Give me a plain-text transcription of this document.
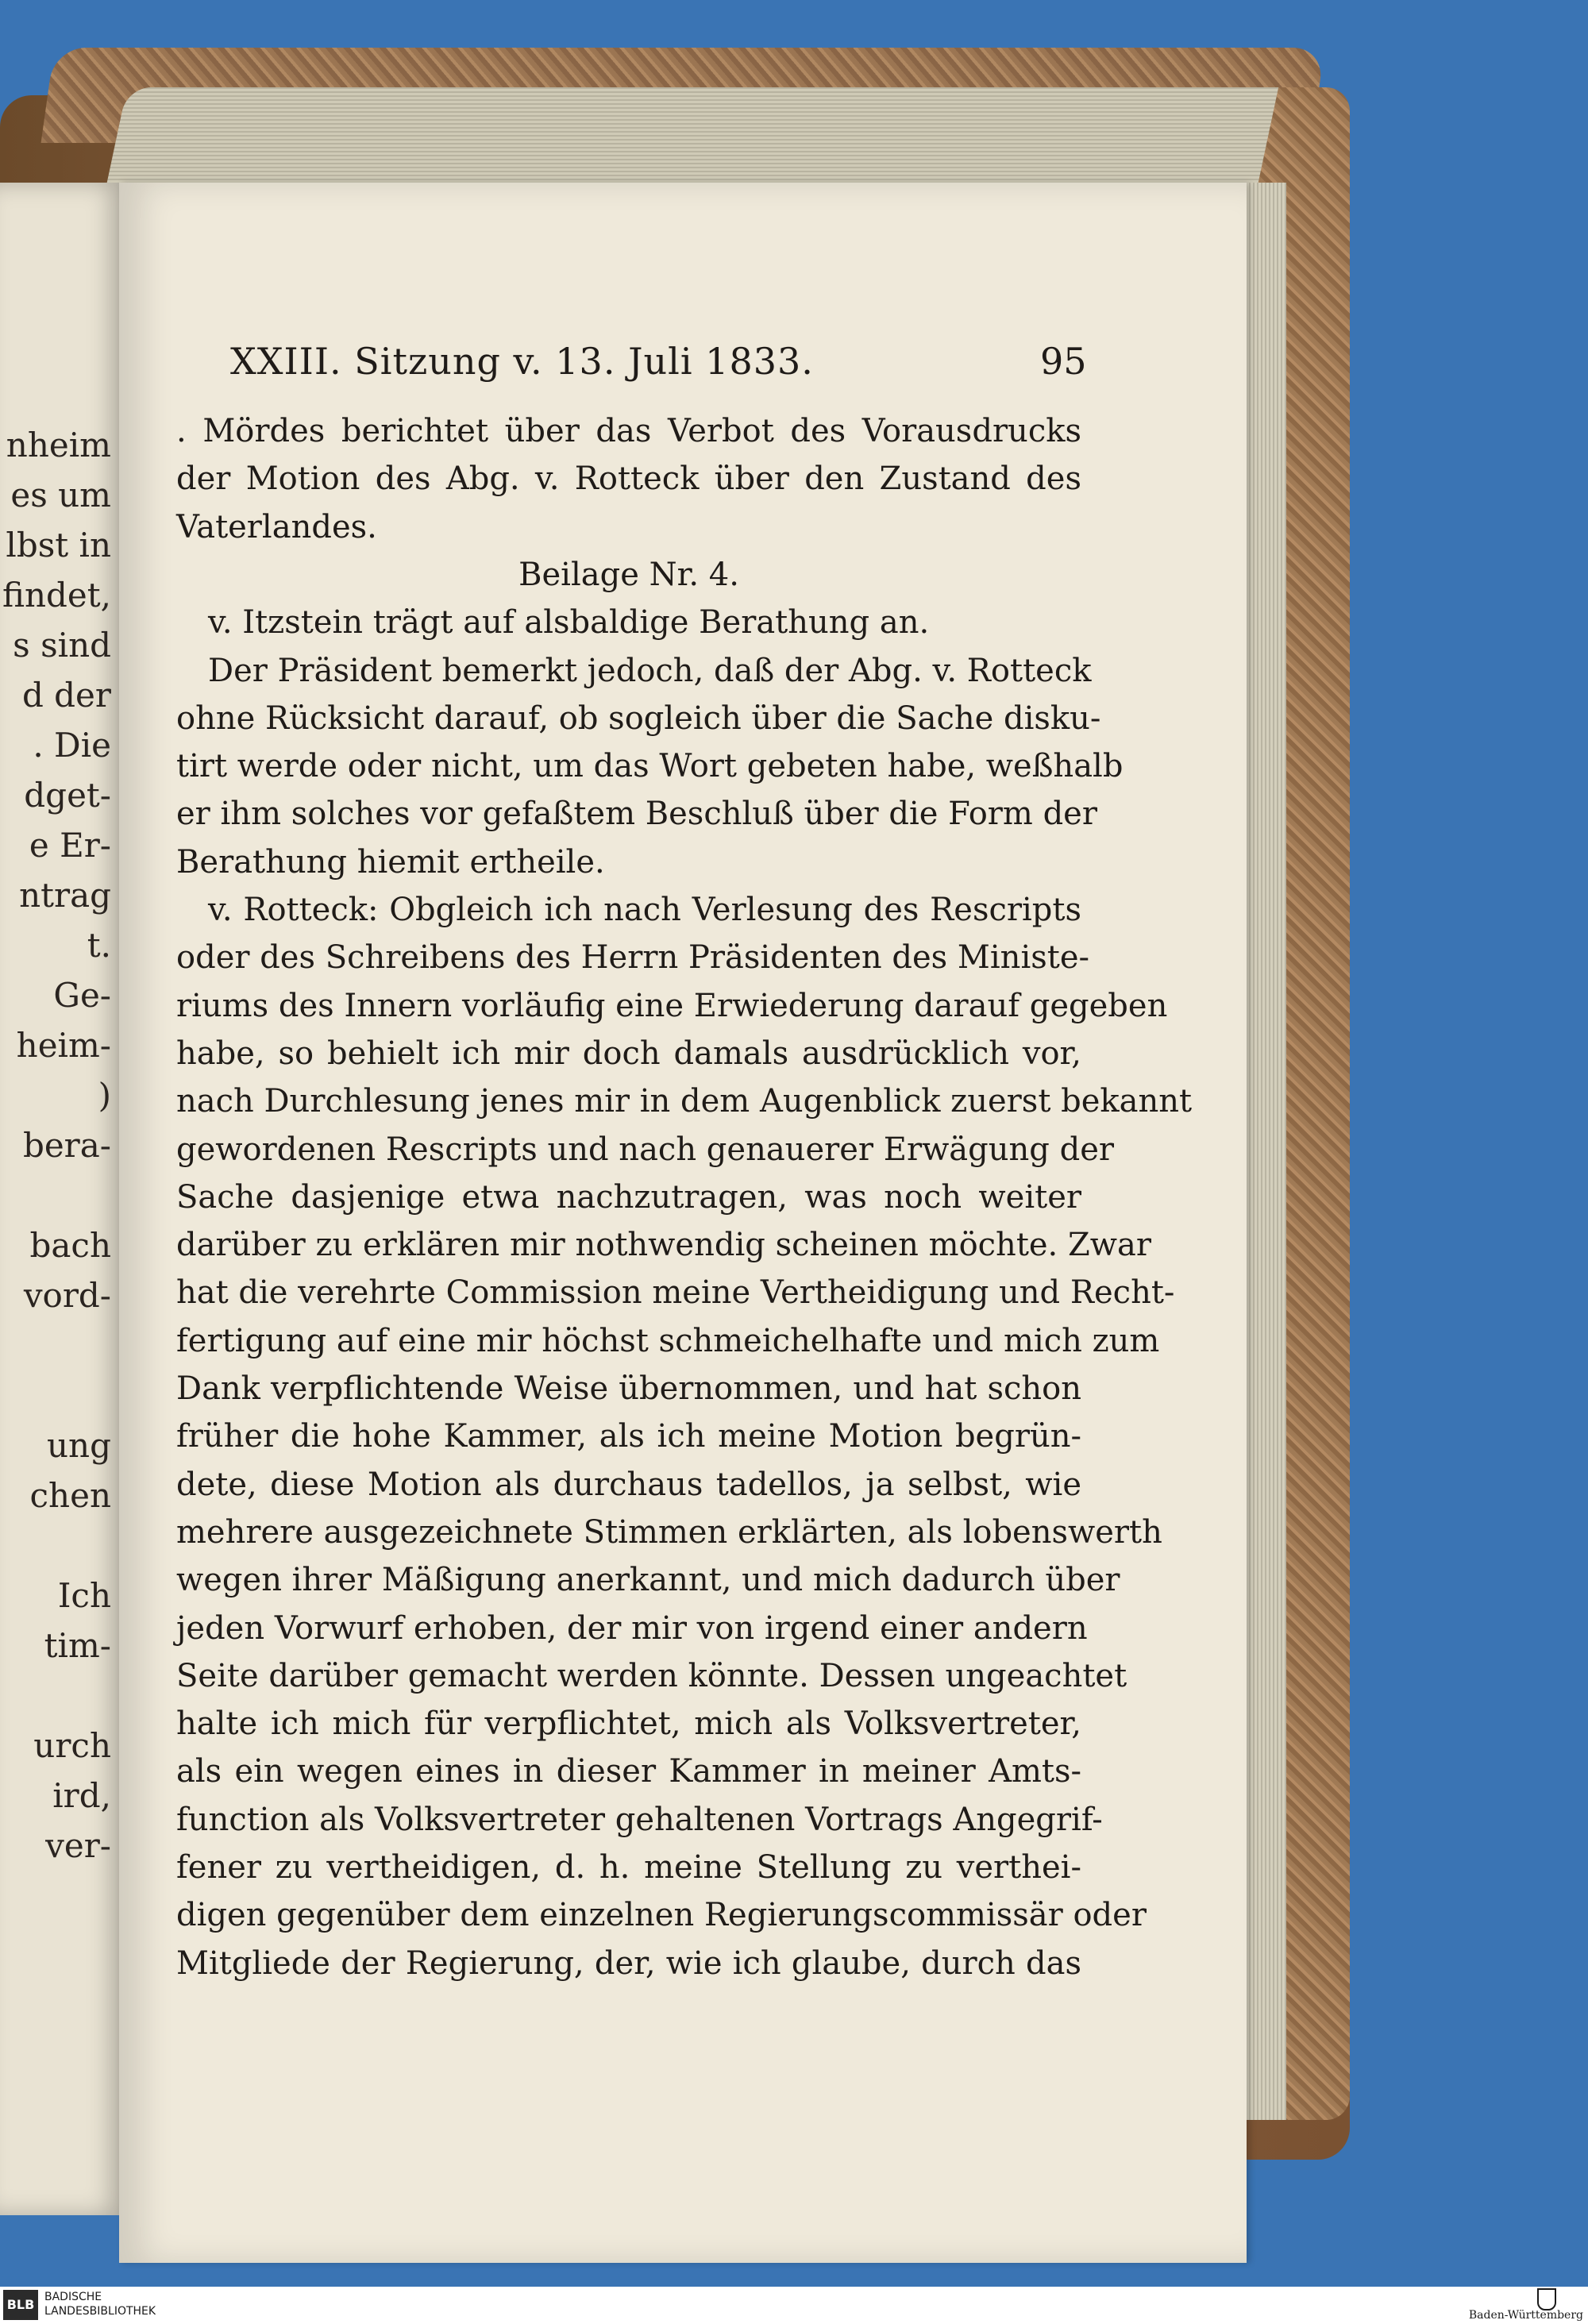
nheim
es um
lbst in
findet,
s sind
d der
. Die
dget-
e Er-
ntrag
t.
Ge-
heim-
)
bera-
bach
vord-
ung
chen
Ich
tim-
urch
ird,
ver-
XXIII. Sitzung v. 13. Juli 1833.	95
. Mördes berichtet über das Verbot des Vorausdrucks
der Motion des Abg. v. Rotteck über den Zustand des
Vaterlandes.
Beilage Nr. 4.
v. Itzstein trägt auf alsbaldige Berathung an.
Der Präsident bemerkt jedoch, daß der Abg. v. Rotteck
ohne Rücksicht darauf, ob sogleich über die Sache disku-
tirt werde oder nicht, um das Wort gebeten habe, weßhalb
er ihm solches vor gefaßtem Beschluß über die Form der
Berathung hiemit ertheile.
v. Rotteck: Obgleich ich nach Verlesung des Rescripts
oder des Schreibens des Herrn Präsidenten des Ministe-
riums des Innern vorläufig eine Erwiederung darauf gegeben
habe, so behielt ich mir doch damals ausdrücklich vor,
nach Durchlesung jenes mir in dem Augenblick zuerst bekannt
gewordenen Rescripts und nach genauerer Erwägung der
Sache dasjenige etwa nachzutragen, was noch weiter
darüber zu erklären mir nothwendig scheinen möchte. Zwar
hat die verehrte Commission meine Vertheidigung und Recht-
fertigung auf eine mir höchst schmeichelhafte und mich zum
Dank verpflichtende Weise übernommen, und hat schon
früher die hohe Kammer, als ich meine Motion begrün-
dete, diese Motion als durchaus tadellos, ja selbst, wie
mehrere ausgezeichnete Stimmen erklärten, als lobenswerth
wegen ihrer Mäßigung anerkannt, und mich dadurch über
jeden Vorwurf erhoben, der mir von irgend einer andern
Seite darüber gemacht werden könnte. Dessen ungeachtet
halte ich mich für verpflichtet, mich als Volksvertreter,
als ein wegen eines in dieser Kammer in meiner Amts-
function als Volksvertreter gehaltenen Vortrags Angegrif-
fener zu vertheidigen, d. h. meine Stellung zu verthei-
digen gegenüber dem einzelnen Regierungscommissär oder
Mitgliede der Regierung, der, wie ich glaube, durch das
BLB BADISCHE
LANDESBIBLIOTHEK	Baden-Württemberg
